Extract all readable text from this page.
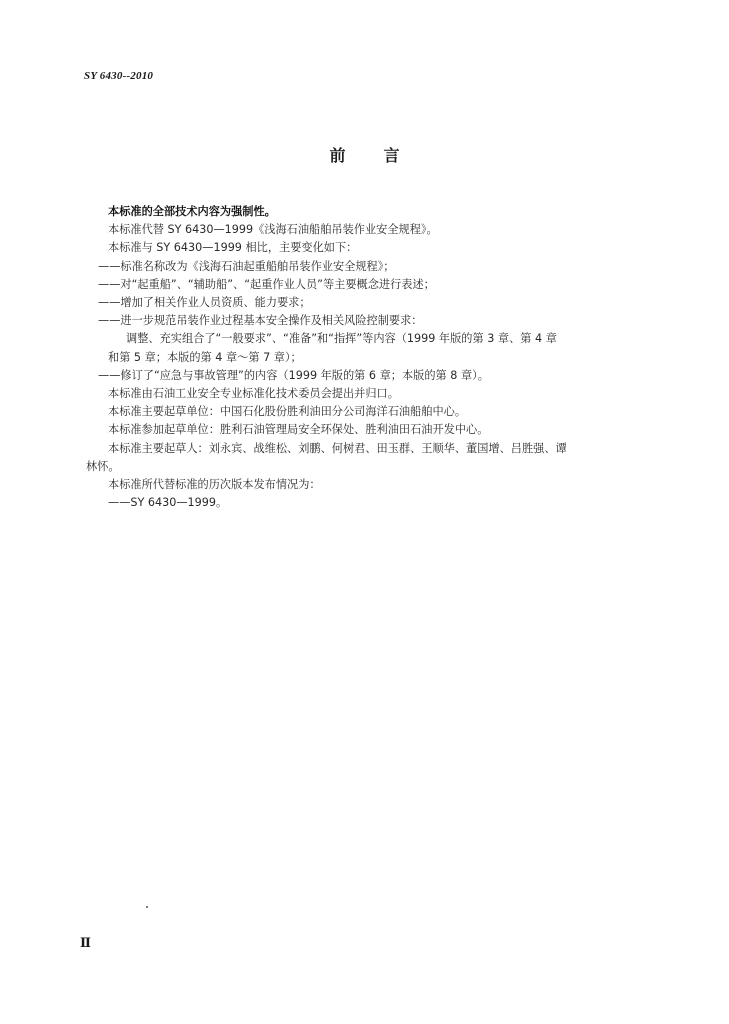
SY 6430--2010
前言
本标准的全部技术内容为强制性。
本标准代替 SY 6430—1999《浅海石油船舶吊装作业安全规程》。
本标准与 SY 6430—1999 相比，主要变化如下：
——标准名称改为《浅海石油起重船舶吊装作业安全规程》；
——对“起重船”、“辅助船”、“起重作业人员”等主要概念进行表述；
——增加了相关作业人员资质、能力要求；
——进一步规范吊装作业过程基本安全操作及相关风险控制要求：
调整、充实组合了“一般要求”、“准备”和“指挥”等内容（1999 年版的第 3 章、第 4 章
和第 5 章；本版的第 4 章～第 7 章）；
——修订了“应急与事故管理”的内容（1999 年版的第 6 章；本版的第 8 章）。
本标准由石油工业安全专业标准化技术委员会提出并归口。
本标准主要起草单位：中国石化股份胜利油田分公司海洋石油船舶中心。
本标准参加起草单位：胜利石油管理局安全环保处、胜利油田石油开发中心。
本标准主要起草人：刘永宾、战维松、刘鹏、何树君、田玉群、王顺华、董国增、吕胜强、谭
林怀。
本标准所代替标准的历次版本发布情况为：
——SY 6430—1999。
Ⅱ
